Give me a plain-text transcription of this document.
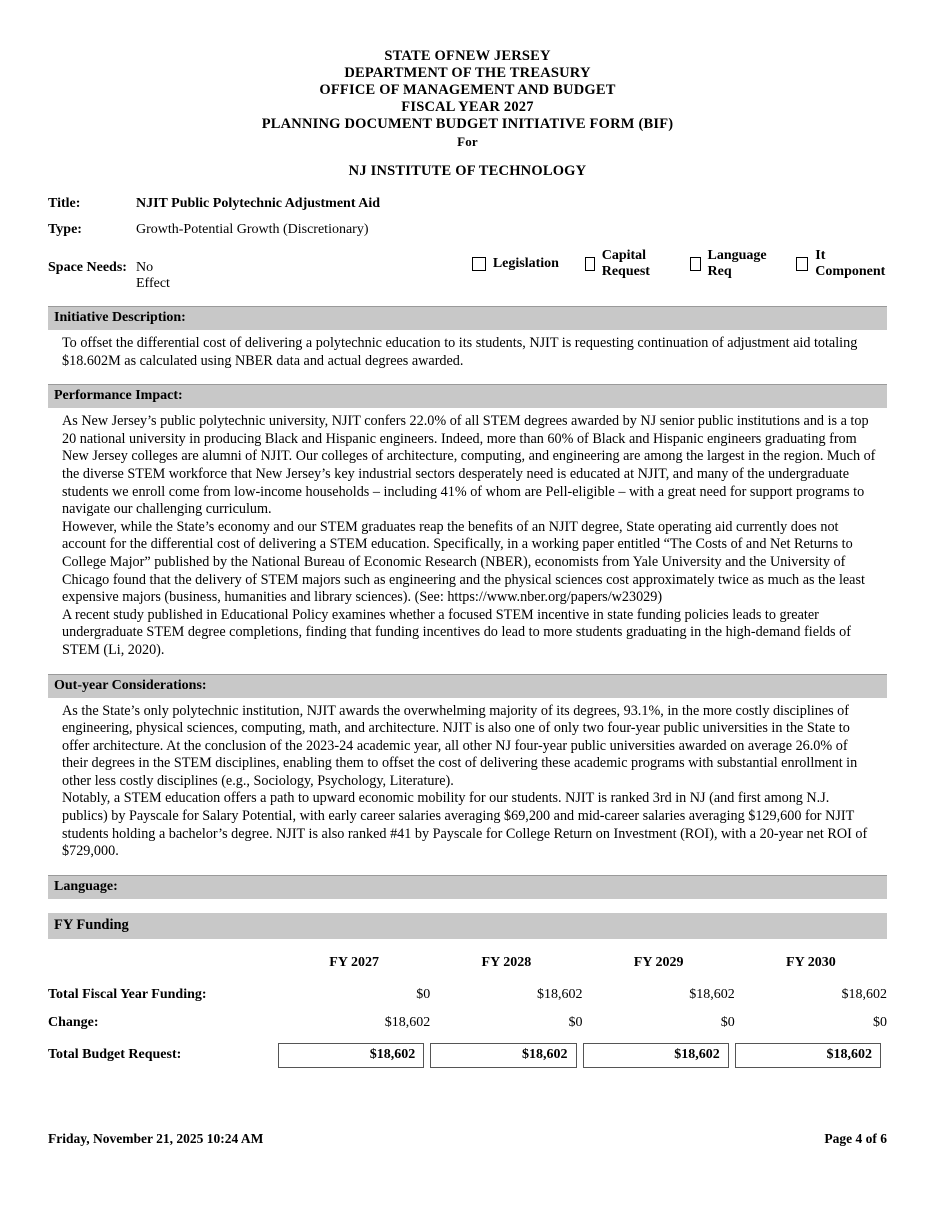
STATE OFNEW JERSEY
DEPARTMENT OF THE TREASURY
OFFICE OF MANAGEMENT AND BUDGET
FISCAL YEAR 2027
PLANNING DOCUMENT BUDGET INITIATIVE FORM (BIF)
For
NJ INSTITUTE OF TECHNOLOGY
Title:	NJIT Public Polytechnic Adjustment Aid
Type:	Growth-Potential Growth (Discretionary)
Space Needs: No Effect
Legislation
Capital Request
Language Req
It Component
Initiative Description:

To offset the differential cost of delivering a polytechnic education to its students, NJIT is requesting continuation of adjustment aid totaling $18.602M as calculated using NBER data and actual degrees awarded.

Performance Impact:

As New Jersey’s public polytechnic university, NJIT confers 22.0% of all STEM degrees awarded by NJ senior public institutions and is a top 20 national university in producing Black and Hispanic engineers. Indeed, more than 60% of Black and Hispanic engineers graduating from New Jersey colleges are alumni of NJIT. Our colleges of architecture, computing, and engineering are among the largest in the region. Much of the diverse STEM workforce that New Jersey’s key industrial sectors desperately need is educated at NJIT, and many of the undergraduate students we enroll come from low-income households – including 41% of whom are Pell-eligible – with a great need for support programs to navigate our challenging curriculum.

However, while the State’s economy and our STEM graduates reap the benefits of an NJIT degree, State operating aid currently does not account for the differential cost of delivering a STEM education. Specifically, in a working paper entitled “The Costs of and Net Returns to College Major” published by the National Bureau of Economic Research (NBER), economists from Yale University and the University of Chicago found that the delivery of STEM majors such as engineering and the physical sciences cost approximately twice as much as the least expensive majors (business, humanities and library sciences). (See: https://www.nber.org/papers/w23029)

A recent study published in Educational Policy examines whether a focused STEM incentive in state funding policies leads to greater undergraduate STEM degree completions, finding that funding incentives do lead to more students graduating in the high-demand fields of STEM (Li, 2020).

Out-year Considerations:

As the State’s only polytechnic institution, NJIT awards the overwhelming majority of its degrees, 93.1%, in the more costly disciplines of engineering, physical sciences, computing, math, and architecture. NJIT is also one of only two four-year public universities in the State to offer architecture. At the conclusion of the 2023-24 academic year, all other NJ four-year public universities awarded on average 26.0% of their degrees in the STEM disciplines, enabling them to offset the cost of delivering these academic programs with substantial enrollment in other less costly disciplines (e.g., Sociology, Psychology, Literature).

Notably, a STEM education offers a path to upward economic mobility for our students. NJIT is ranked 3rd in NJ (and first among N.J. publics) by Payscale for Salary Potential, with early career salaries averaging $69,200 and mid-career salaries averaging $129,600 for NJIT students holding a bachelor’s degree. NJIT is also ranked #41 by Payscale for College Return on Investment (ROI), with a 20-year net ROI of $729,000.

Language:
FY Funding
	FY 2027	FY 2028	FY 2029	FY 2030
Total Fiscal Year Funding:	$0	$18,602	$18,602	$18,602
Change:	$18,602	$0	$0	$0
Total Budget Request:	$18,602	$18,602	$18,602	$18,602
Friday, November 21, 2025 10:24 AM	Page 4 of 6
